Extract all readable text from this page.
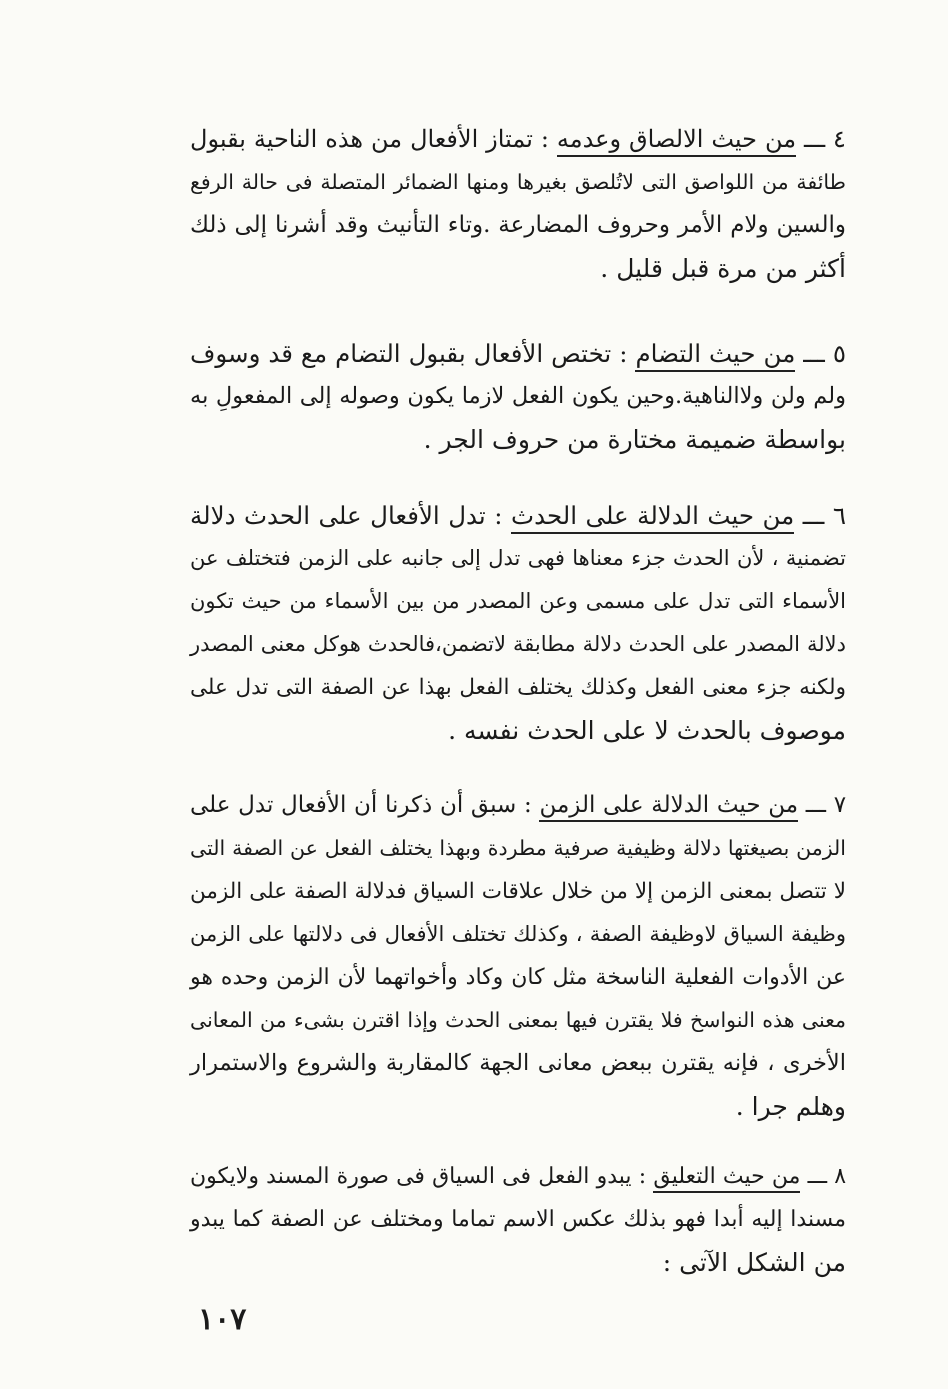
٤ ـــ من حيث الالصاق وعدمه : تمتاز الأفعال من هذه الناحية بقبول
طائفة من اللواصق التى لاتُلصق بغيرها ومنها الضمائر المتصلة فى حالة الرفع
والسين ولام الأمر وحروف المضارعة .وتاء التأنيث وقد أشرنا إلى ذلك
أكثر من مرة قبل قليل .
٥ ـــ من حيث التضام : تختص الأفعال بقبول التضام مع قد وسوف
ولم ولن ولاالناهية.وحين يكون الفعل لازما يكون وصوله إلى المفعولِ به
بواسطة ضميمة مختارة من حروف الجر .
٦ ـــ من حيث الدلالة على الحدث : تدل الأفعال على الحدث دلالة
تضمنية ، لأن الحدث جزء معناها فهى تدل إلى جانبه على الزمن فتختلف عن
الأسماء التى تدل على مسمى وعن المصدر من بين الأسماء من حيث تكون
دلالة المصدر على الحدث دلالة مطابقة لاتضمن،فالحدث هوكل معنى المصدر
ولكنه جزء معنى الفعل وكذلك يختلف الفعل بهذا عن الصفة التى تدل على
موصوف بالحدث لا على الحدث نفسه .
٧ ـــ من حيث الدلالة على الزمن : سبق أن ذكرنا أن الأفعال تدل على
الزمن بصيغتها دلالة وظيفية صرفية مطردة وبهذا يختلف الفعل عن الصفة التى
لا تتصل بمعنى الزمن إلا من خلال علاقات السياق فدلالة الصفة على الزمن
وظيفة السياق لاوظيفة الصفة ، وكذلك تختلف الأفعال فى دلالتها على الزمن
عن الأدوات الفعلية الناسخة مثل كان وكاد وأخواتهما لأن الزمن وحده هو
معنى هذه النواسخ فلا يقترن فيها بمعنى الحدث وإذا اقترن بشىء من المعانى
الأخرى ، فإنه يقترن ببعض معانى الجهة كالمقاربة والشروع والاستمرار
وهلم جرا .
٨ ـــ من حيث التعليق : يبدو الفعل فى السياق فى صورة المسند ولايكون
مسندا إليه أبدا فهو بذلك عكس الاسم تماما ومختلف عن الصفة كما يبدو
من الشكل الآتى :
١٠٧
